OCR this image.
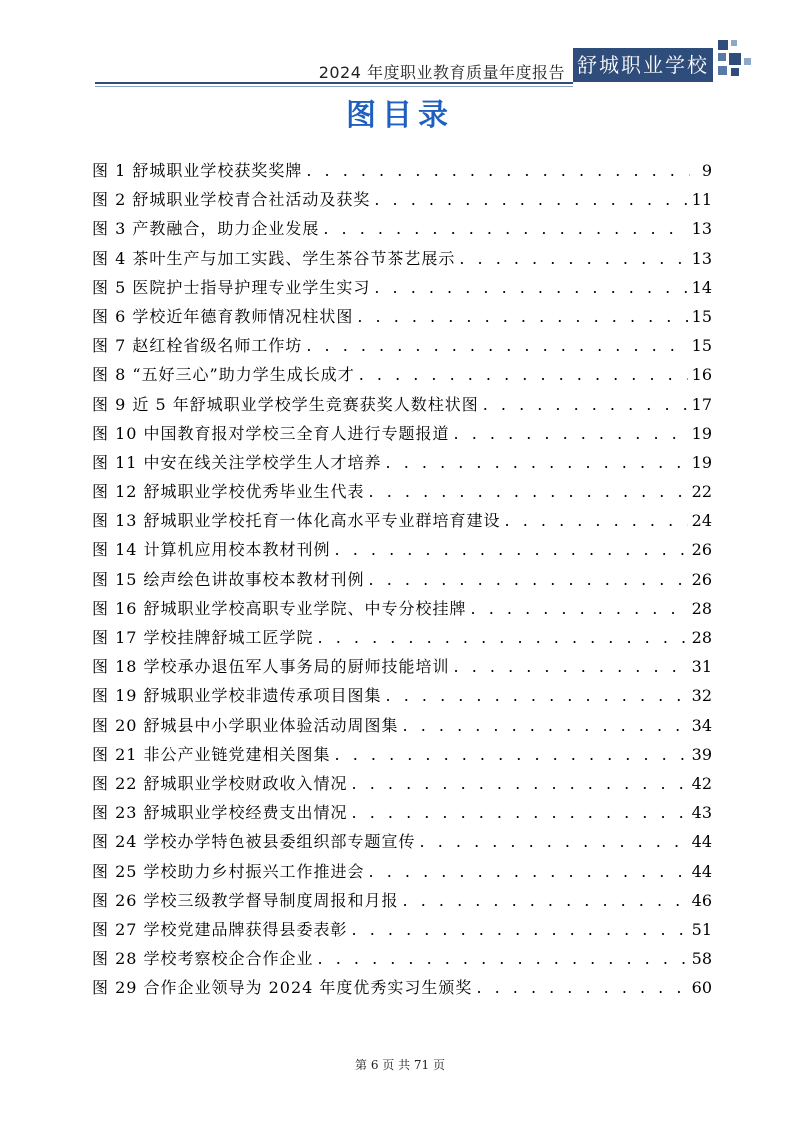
2024 年度职业教育质量年度报告 舒城职业学校
图目录
图 1 舒城职业学校获奖奖牌 . . .	9
图 2 舒城职业学校青合社活动及获奖 . . .	11
图 3 产教融合，助力企业发展 . . .	13
图 4 茶叶生产与加工实践、学生茶谷节茶艺展示 . . .	13
图 5 医院护士指导护理专业学生实习 . . .	14
图 6 学校近年德育教师情况柱状图 . . .	15
图 7 赵红栓省级名师工作坊 . . .	15
图 8 “五好三心”助力学生成长成才 . . .	16
图 9 近 5 年舒城职业学校学生竞赛获奖人数柱状图 . . .	17
图 10 中国教育报对学校三全育人进行专题报道 . . .	19
图 11 中安在线关注学校学生人才培养 . . .	19
图 12 舒城职业学校优秀毕业生代表 . . .	22
图 13 舒城职业学校托育一体化高水平专业群培育建设 . . .	24
图 14 计算机应用校本教材刊例 . . .	26
图 15 绘声绘色讲故事校本教材刊例 . . .	26
图 16 舒城职业学校高职专业学院、中专分校挂牌 . . .	28
图 17 学校挂牌舒城工匠学院 . . .	28
图 18 学校承办退伍军人事务局的厨师技能培训 . . .	31
图 19 舒城职业学校非遗传承项目图集 . . .	32
图 20 舒城县中小学职业体验活动周图集 . . .	34
图 21 非公产业链党建相关图集 . . .	39
图 22 舒城职业学校财政收入情况 . . .	42
图 23 舒城职业学校经费支出情况 . . .	43
图 24 学校办学特色被县委组织部专题宣传 . . .	44
图 25 学校助力乡村振兴工作推进会 . . .	44
图 26 学校三级教学督导制度周报和月报 . . .	46
图 27 学校党建品牌获得县委表彰 . . .	51
图 28 学校考察校企合作企业 . . .	58
图 29 合作企业领导为 2024 年度优秀实习生颁奖 . . .	60
第 6 页 共 71 页
